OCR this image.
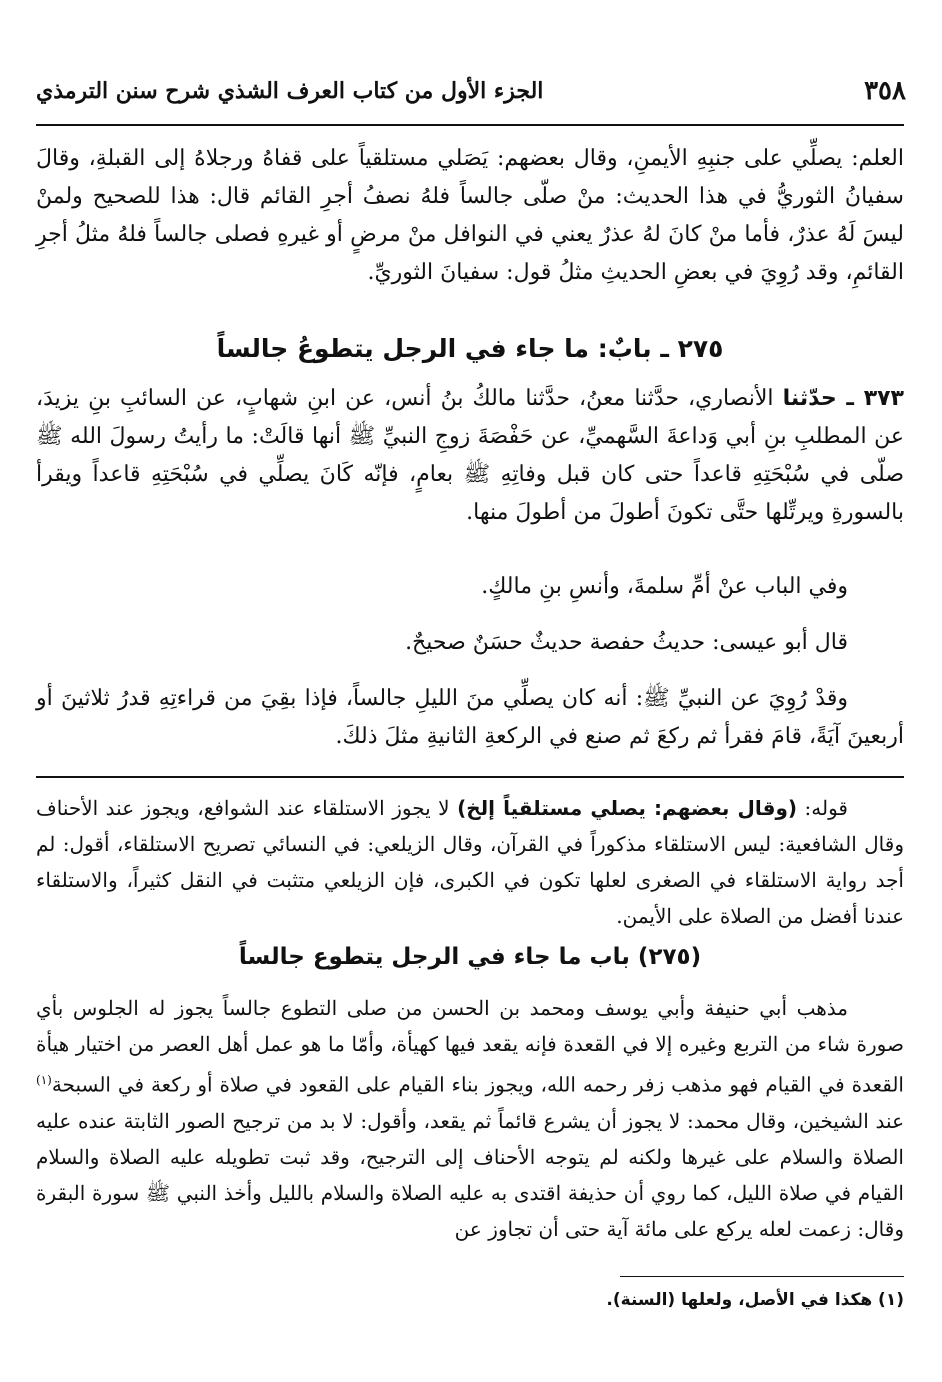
٣٥٨
الجزء الأول من كتاب العرف الشذي شرح سنن الترمذي

العلم: يصلِّي على جنبِهِ الأيمنِ، وقال بعضهم: يَصَلي مستلقياً على قفاهُ ورجلاهُ إلى القبلةِ، وقالَ سفيانُ الثوريُّ في هذا الحديث: منْ صلّى جالساً فلهُ نصفُ أجرِ القائم قال: هذا للصحيح ولمنْ ليسَ لَهُ عذرٌ، فأما منْ كانَ لهُ عذرٌ يعني في النوافل منْ مرضٍ أو غيرهِ فصلى جالساً فلهُ مثلُ أجرِ القائمِ، وقد رُوِيَ في بعضِ الحديثِ مثلُ قول: سفيانَ الثوريِّ.

٢٧٥ ـ بابٌ: ما جاء في الرجل يتطوعُ جالساً

٣٧٣ ـ حدّثنا الأنصاري، حدَّثنا معنُ، حدَّثنا مالكُ بنُ أنس، عن ابنِ شهابٍ، عن السائبِ بنِ يزيدَ، عن المطلبِ بنِ أبي وَداعةَ السَّهميِّ، عن حَفْصَةَ زوجِ النبيِّ ﷺ أنها قالَتْ: ما رأيتُ رسولَ الله ﷺ صلّى في سُبْحَتِهِ قاعداً حتى كان قبل وفاتِهِ ﷺ بعامٍ، فإنّه كَانَ يصلِّي في سُبْحَتِهِ قاعداً ويقرأ بالسورةِ ويرتِّلها حتَّى تكونَ أطولَ من أطولَ منها.

وفي الباب عنْ أمِّ سلمةَ، وأنسِ بنِ مالكٍ.

قال أبو عيسى: حديثُ حفصة حديثٌ حسَنٌ صحيحٌ.

وقدْ رُوِيَ عن النبيِّ ﷺ: أنه كان يصلِّي منَ الليلِ جالساً، فإذا بقِيَ من قراءتِهِ قدرُ ثلاثينَ أو أربعينَ آيَةً، قامَ فقرأ ثم ركعَ ثم صنع في الركعةِ الثانيةِ مثلَ ذلكَ.

قوله: (وقال بعضهم: يصلي مستلقياً إلخ) لا يجوز الاستلقاء عند الشوافع، ويجوز عند الأحناف وقال الشافعية: ليس الاستلقاء مذكوراً في القرآن، وقال الزيلعي: في النسائي تصريح الاستلقاء، أقول: لم أجد رواية الاستلقاء في الصغرى لعلها تكون في الكبرى، فإن الزيلعي متثبت في النقل كثيراً، والاستلقاء عندنا أفضل من الصلاة على الأيمن.

(٢٧٥) باب ما جاء في الرجل يتطوع جالساً

مذهب أبي حنيفة وأبي يوسف ومحمد بن الحسن من صلى التطوع جالساً يجوز له الجلوس بأي صورة شاء من التربع وغيره إلا في القعدة فإنه يقعد فيها كهيأة، وأمّا ما هو عمل أهل العصر من اختيار هيأة القعدة في القيام فهو مذهب زفر رحمه الله، ويجوز بناء القيام على القعود في صلاة أو ركعة في السبحة$^{(١)}$ عند الشيخين، وقال محمد: لا يجوز أن يشرع قائماً ثم يقعد، وأقول: لا بد من ترجيح الصور الثابتة عنده عليه الصلاة والسلام على غيرها ولكنه لم يتوجه الأحناف إلى الترجيح، وقد ثبت تطويله عليه الصلاة والسلام القيام في صلاة الليل، كما روي أن حذيفة اقتدى به عليه الصلاة والسلام بالليل وأخذ النبي ﷺ سورة البقرة وقال: زعمت لعله يركع على مائة آية حتى أن تجاوز عن

(١) هكذا في الأصل، ولعلها (السنة).
